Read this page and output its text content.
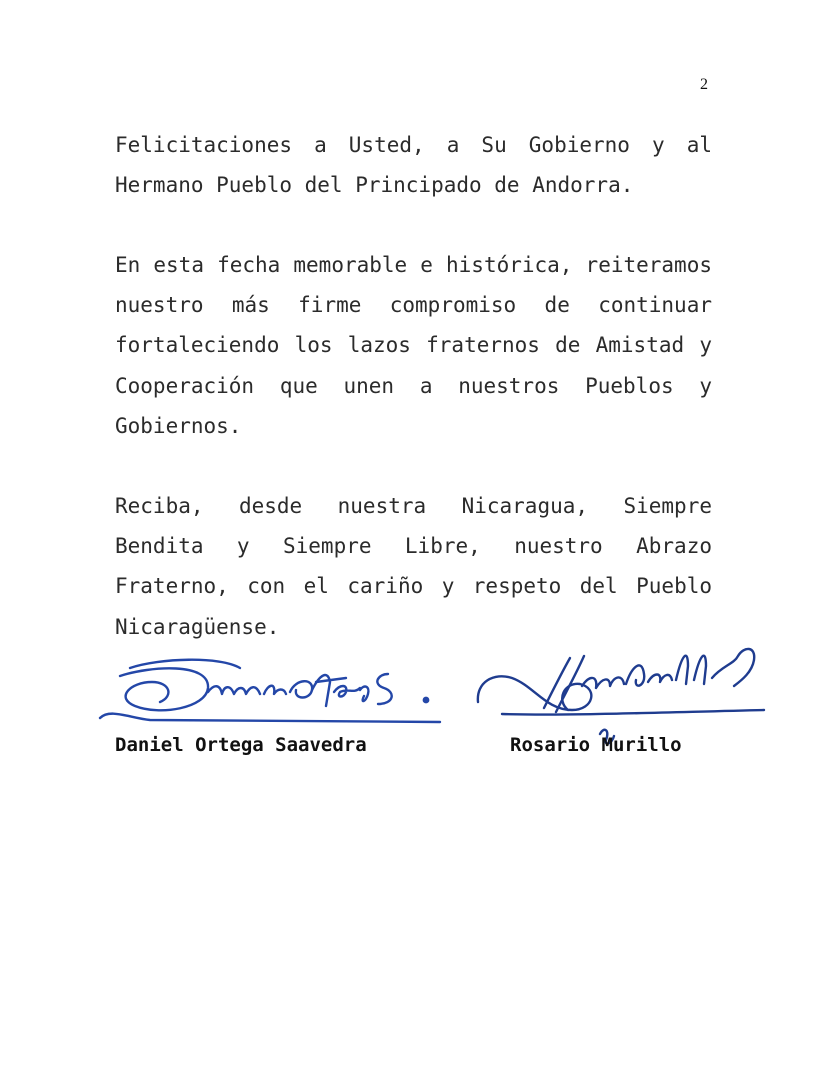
2

Felicitaciones a Usted, a Su Gobierno y al Hermano Pueblo del Principado de Andorra.

En esta fecha memorable e histórica, reiteramos nuestro más firme compromiso de continuar fortaleciendo los lazos fraternos de Amistad y Cooperación que unen a nuestros Pueblos y Gobiernos.

Reciba, desde nuestra Nicaragua, Siempre Bendita y Siempre Libre, nuestro Abrazo Fraterno, con el cariño y respeto del Pueblo Nicaragüense.

Daniel Ortega Saavedra	Rosario Murillo
